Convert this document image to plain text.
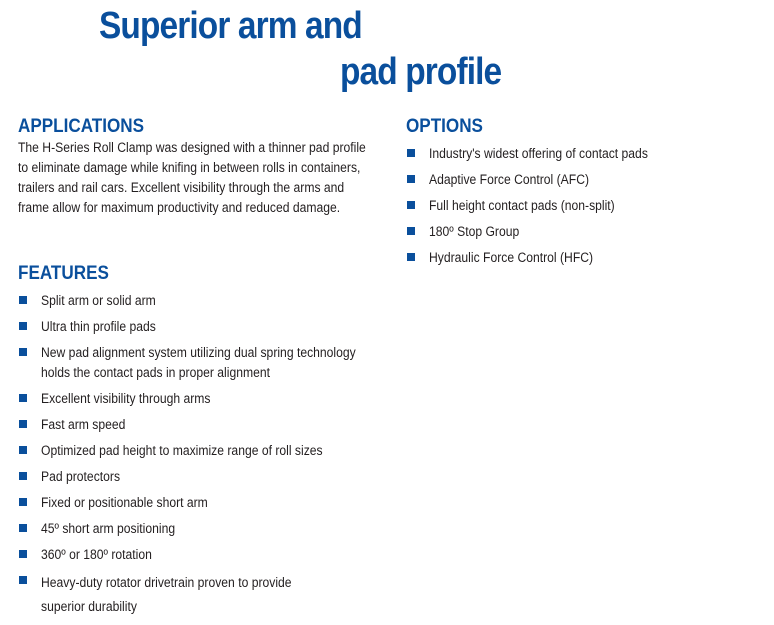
Superior arm and
pad profile
APPLICATIONS

The H-Series Roll Clamp was designed with a thinner pad profile to eliminate damage while knifing in between rolls in containers, trailers and rail cars. Excellent visibility through the arms and frame allow for maximum productivity and reduced damage.

FEATURES
Split arm or solid arm
Ultra thin profile pads
New pad alignment system utilizing dual spring technology holds the contact pads in proper alignment
Excellent visibility through arms
Fast arm speed
Optimized pad height to maximize range of roll sizes
Pad protectors
Fixed or positionable short arm
45º short arm positioning
360º or 180º rotation
Heavy-duty rotator drivetrain proven to provide superior durability
OPTIONS
Industry's widest offering of contact pads
Adaptive Force Control (AFC)
Full height contact pads (non-split)
180º Stop Group
Hydraulic Force Control (HFC)
